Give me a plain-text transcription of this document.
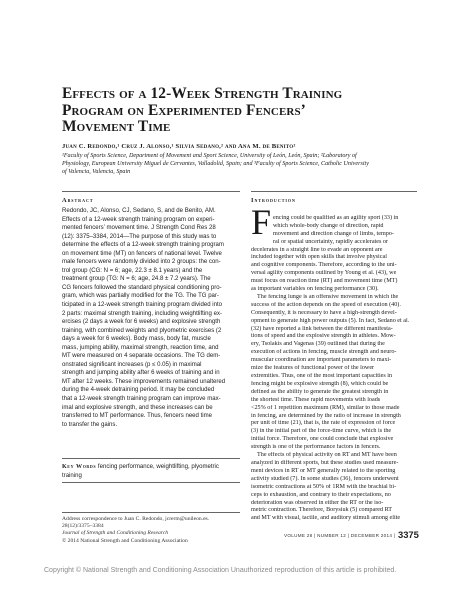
Effects of a 12-Week Strength Training
Program on Experimented Fencers’
Movement Time
Juan C. Redondo,¹ Cruz J. Alonso,¹ Silvia Sedano,² and Ana M. de Benito²
¹Faculty of Sports Science, Department of Movement and Sport Science, University of León, León, Spain; ²Laboratory of
Physiology, European University Miguel de Cervantes, Valladolid, Spain; and ³Faculty of Sports Science, Catholic University
of Valencia, Valencia, Spain
Abstract
Redondo, JC, Alonso, CJ, Sedano, S, and de Benito, AM.
Effects of a 12-week strength training program on experi-
mented fencers’ movement time. J Strength Cond Res 28
(12): 3375–3384, 2014—The purpose of this study was to
determine the effects of a 12-week strength training program
on movement time (MT) on fencers of national level. Twelve
male fencers were randomly divided into 2 groups: the con-
trol group (CG: N = 6; age, 22.3 ± 8.1 years) and the
treatment group (TG: N = 6; age, 24.8 ± 7.2 years). The
CG fencers followed the standard physical conditioning pro-
gram, which was partially modified for the TG. The TG par-
ticipated in a 12-week strength training program divided into
2 parts: maximal strength training, including weightlifting ex-
ercises (2 days a week for 6 weeks) and explosive strength
training, with combined weights and plyometric exercises (2
days a week for 6 weeks). Body mass, body fat, muscle
mass, jumping ability, maximal strength, reaction time, and
MT were measured on 4 separate occasions. The TG dem-
onstrated significant increases (p ≤ 0.05) in maximal
strength and jumping ability after 6 weeks of training and in
MT after 12 weeks. These improvements remained unaltered
during the 4-week detraining period. It may be concluded
that a 12-week strength training program can improve max-
imal and explosive strength, and these increases can be
transferred to MT performance. Thus, fencers need time
to transfer the gains.
Key Words fencing performance, weightlifting, plyometric
training
Introduction
F encing could be qualified as an agility sport (33) in
which whole-body change of direction, rapid
movement and direction change of limbs, tempo-
ral or spatial uncertainty, rapidly accelerates or
decelerates in a straight line to evade an opponent are
included together with open skills that involve physical
and cognitive components. Therefore, according to the uni-
versal agility components outlined by Young et al. (43), we
must focus on reaction time (RT) and movement time (MT)
as important variables on fencing performance (30).
The fencing lunge is an offensive movement in which the
success of the action depends on the speed of execution (40).
Consequently, it is necessary to have a high-strength devel-
opment to generate high power outputs (5). In fact, Sedano et al.
(32) have reported a link between the different manifesta-
tions of speed and the explosive strength in athletes. Mow-
ery, Tsolakis and Vagenas (39) outlined that during the
execution of actions in fencing, muscle strength and neuro-
muscular coordination are important parameters to maxi-
mize the features of functional power of the lower
extremities. Thus, one of the most important capacities in
fencing might be explosive strength (8), which could be
defined as the ability to generate the greatest strength in
the shortest time. These rapid movements with loads
<25% of 1 repetition maximum (RM), similar to those made
in fencing, are determined by the ratio of increase in strength
per unit of time (21), that is, the rate of expression of force
(3) in the initial part of the force-time curve, which is the
initial force. Therefore, one could conclude that explosive
strength is one of the performance factors in fencers.
The effects of physical activity on RT and MT have been
analyzed in different sports, but these studies used measure-
ment devices in RT or MT generally related to the sporting
activity studied (7). In some studies (36), fencers underwent
isometric contractions at 50% of 1RM with the brachial bi-
ceps to exhaustion, and contrary to their expectations, no
deterioration was observed in either the RT or the iso-
metric contraction. Therefore, Borysiuk (5) compared RT
and MT with visual, tactile, and auditory stimuli among elite
Address correspondence to Juan C. Redondo, jcrerm@unileon.es.
28(12)/3375–3384
Journal of Strength and Conditioning Research
© 2014 National Strength and Conditioning Association
VOLUME 28 | NUMBER 12 | DECEMBER 2014 | 3375
Copyright © National Strength and Conditioning Association Unauthorized reproduction of this article is prohibited.
